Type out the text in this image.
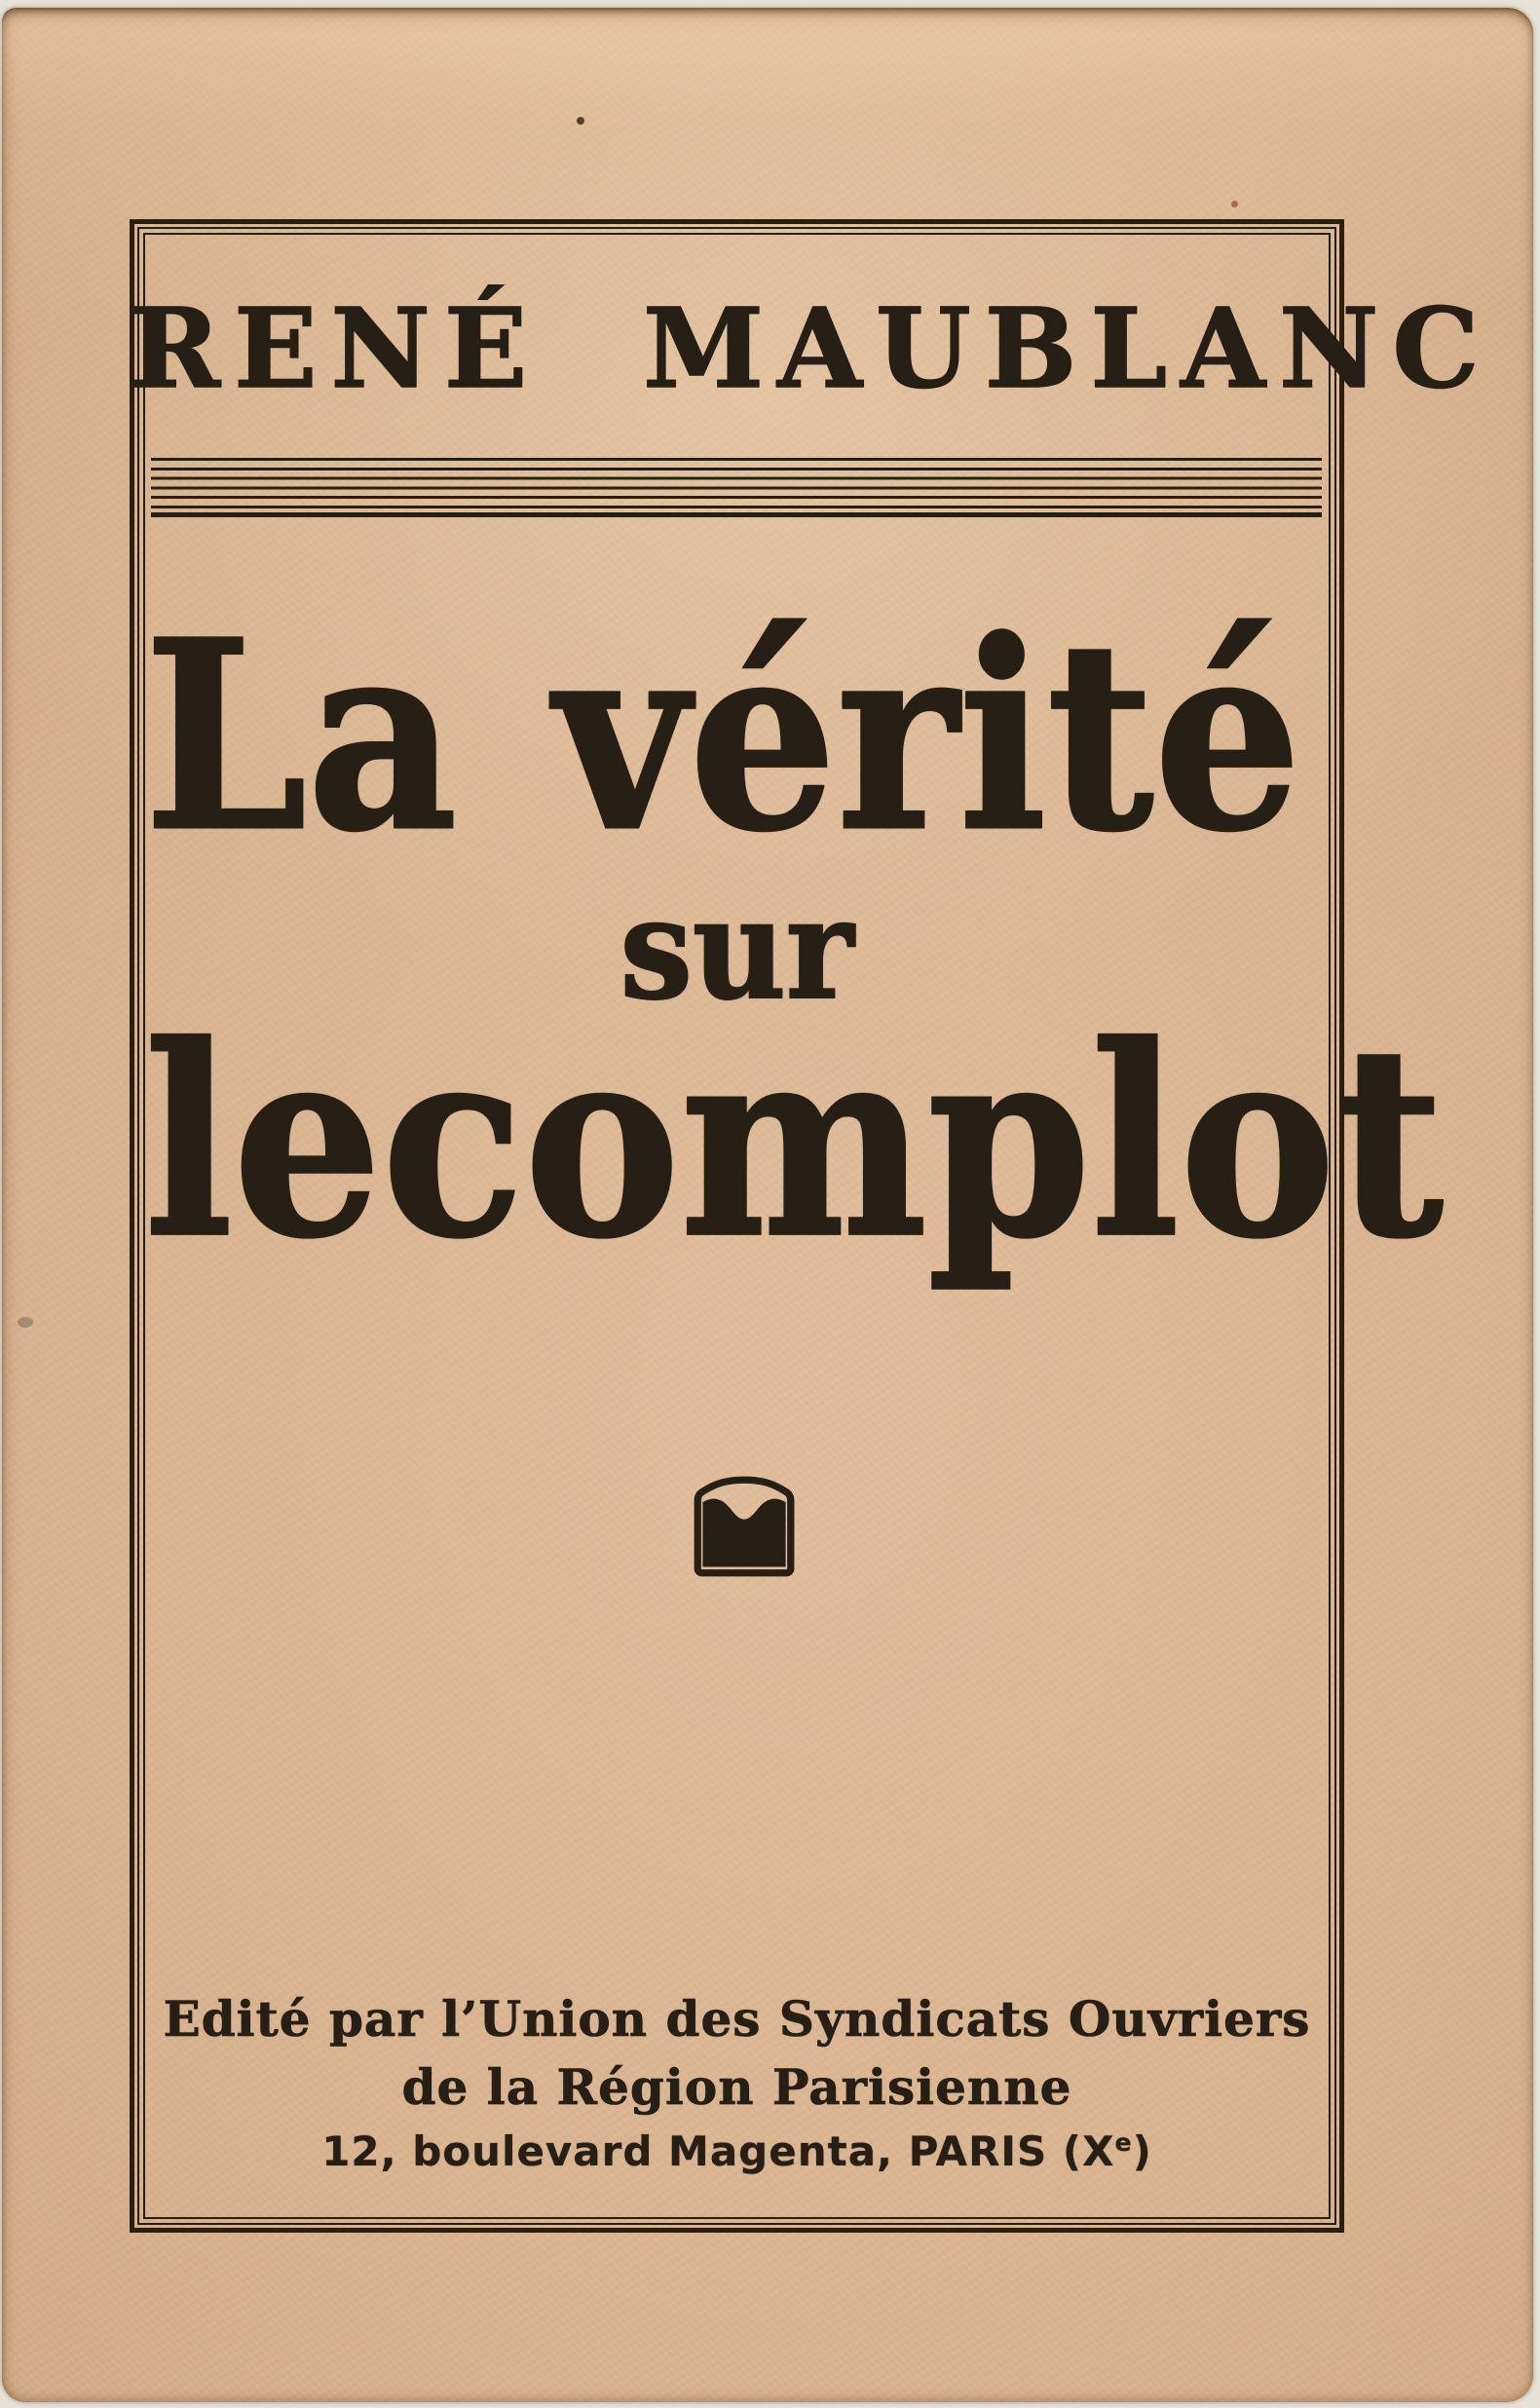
RENÉ MAUBLANC
La vérité
sur
le complot
Edité par l’Union des Syndicats Ouvriers
de la Région Parisienne
12, boulevard Magenta, PARIS (Xe)
